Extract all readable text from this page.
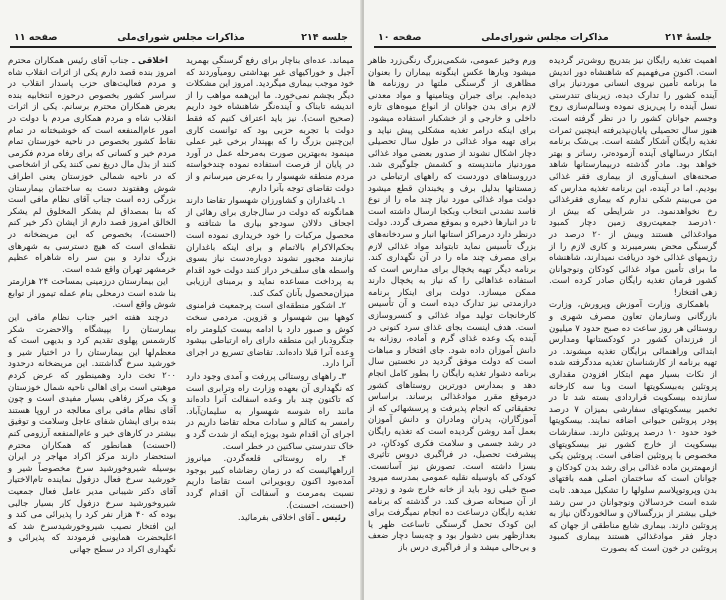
جلسه ۲۱۴
مذاکرات مجلس شورای‌ملی
صفحه ۱۱

میماند. عده‌ای بناچار برای رفع گرسنگی بهمرید آجیل و خوراکیهای غیر بهداشتی رومیآوردند که خود موجب بیماری میگردید. امروز این مشکلات دیگر بچشم نمی‌خورد. ما این‌همه مواهب را از اندیشه تابناک و آینده‌نگر شاهنشاه خود داریم (صحیح است). نیز باید اعتراف کنیم که فقط دولت با تجربه حزبی بود که توانست کاری این‌چنین بزرگ را که بهپندار برخی غیر عملی مینمود به‌بهترین صورت به‌مرحله عمل در آورد در پایان از فرصت استفاده نموده چندخواسته مردم منطقه شهسوار را به‌عرض میرسانم و از دولت تقاضای توجه بآنرا دارم.

۱ـ باغداران و کشاورزان شهسوار تقاضا دارند همانگونه که دولت در سال‌جاری برای رهائی از اجحاف دلالان سودجو بیاری ما شتافته و محصول مرکبات را خود خریداری نموده است بحکم‌الاکرام بالاتمام و برای اینکه باغداران نیازمند مجبور نشوند دوباره‌دست نیاز بسوی واسطه های سلف‌خر دراز کنند دولت خود اقدام به پرداخت مساعده نماید و برمبنای ارزیابی میزان‌محصول بآنان کمک کند.

۲ـ اشکور منطقه‌ای است پرجمعیت فرامنوی کوهها بین شهسوار و قزوین. مردمی سخت کوش و صبور دارد با ادامه بیست کیلومتر راه جنگرودبار این منطقه دارای راه ارتباطی بیشود وعده آنرا قبلا داده‌اند. تقاضای تسریع در اجرای آنرا دارد.

۳ـ راههای روستائی پررفت و آمدی وجود دارد که نگهداری آن بعهده وزارت راه وترابری است که تاکنون چند بار وعده اسفالت آنرا داده‌اند مانند راه شوسه شهسوار به سلیمان‌آباد. رامسر به کتالم و سادات محله تقاضا داریم در اجرای آن اقدام شود بویژه اینکه از شدت گرد و خاک تندرستی ساکنین در خطر است.

۴ـ راه روستائی قلعه‌گردن. میانروز ازراههائیست که در زمان رضاشاه کبیر بوجود آمده‌بود اکنون روبویرانی است تقاضا داریم نسبت به‌مرمت و آسفالت آن اقدام گردد (احسنت، احسنت).

رئیس ـ آقای اخلاقی بفرمائید.

اخلاقی ـ جناب آقای رئیس همکاران محترم امروز بنده قصد دارم یکی از اثرات انقلاب شاه و مردم فعالیت‌های حزب پاسدار انقلاب در سراسر کشور بخصوص درحوزه انتخابیه بنده بعرض همکاران محترم برسانم. یکی از اثرات انقلاب شاه و مردم همکاری مردم با دولت در امور عام‌المنفعه است که خوشبختانه در تمام نقاط کشور بخصوص در ناحیه خوزستان تمام مردم خیر و کسانی که برای رفاه مردم فکرمی کنند از بذل مال دریغ نمی کنند یکی از اشخاصی که در ناحیه شمالی خوزستان یعنی اطراف شوش وهفتوند دست به ساختمان بیمارستان بزرگی زده است جناب آقای نظام مافی است که بنا بمصداق لم یشکر المخلوق لم یشکر الخالق امروز قصد دارم از ایشان ذکر خیر کنم (احسنت)، بخصوص که این مریضخانه در نقطه‌ای است که هیچ دسترسی به شهرهای بزرگ ندارد و بین سر راه شاهراه عظیم خرمشهر تهران واقع شده است.

این بیمارستان درزمینی بمساحت ۲۴ هزارمتر بنا شده است درمحلی بنام عمله تیمور از توابع شوش واقع است.

درچند هفته اخیر جناب نظام مافی این بیمارستان را بپیشگاه والاحضرت شکر کارشمس پهلوی تقدیم کرد و بدیهی است که معظم‌لها این بیمارستان را در اختیار شیر و خورشید سرخ گذاشتند. این مریضخانه درحدود ۲۰۰ تخت دارد وهمینطور که عرض کردم موهبتی است برای اهالی ناحیه شمال خوزستان و یک مرکز رفاهی بسیار مفیدی است و چون آقای نظام مافی برای معالجه در اروپا هستند بنده برای ایشان شفای عاجل وسلامت و توفیق بیشتر در کارهای خیر و عام‌المنفعه آرزومی کنم (احسنت) همانطور که همکاران محترم استحضار دارند مرکز اکراد مهاجر در ایران بوسیله شیروخورشید سرخ مخصوصاً شیر و خورشید سرخ فعال دزفول نماینده تام‌الاختیار آقای دکتر شیبانی مدیر عامل فعال جمعیت شیروخورشید سرخ دزفول کار بسیار جالبی بوده که ۴۰ هزار نفر کرد را پذیرائی می کند و این افتخار نصیب شیروخورشیدسرخ شد که اعلیحضرت همایونی فرمودند که پذیرائی و نگهداری اکراد در سطح جهانی

جلسهٔ ۲۱۴
مذاکرات مجلس شورای‌ملی
صفحه ۱۰

اهمیت تغذیه رایگان نیز بتدریج روشن‌تر گردیده است. اکنون می‌فهمیم که شاهنشاه دور اندیش ما برنامه تأمین نیروی انسانی موردنیاز برای آینده کشور را تدارک دیده، زیربنای تندرستی نسل آینده را پی‌ریزی نموده وسالم‌سازی روح وجسم جوانان کشور را در نظر گرفته است. هنوز سال تحصیلی پایان‌نپذیرفته اینچنین ثمرات تغذیه رایگان آشکار گشته است. بی‌شک برنامه ابتکار درسالهای آینده آزموده‌تر، رساتر و بهتر خواهد بود. مادر گذشته دربیمارستانها شاهد صحنه‌های اسف‌آوری از بیماری فقر غذائی بودیم. اما در آینده، این برنامه تغذیه مدارس که من می‌بینم شکی ندارم که بیماری فقرغذائی رخ نخواهدنمود. در شرایطی که بیش از ۱۰درصد جمعیت‌روی زمین دچار کمبود موادغذائی هستند وبیش از ۲۰ درصد در گرسنگی محض بسرمیبرند و کاری لازم را از رژیمهای غذائی خود دریافت نمیدارند، شاهنشاه ما برای تأمین مواد غذائی کودکان ونوجوانان کشور فرمان تغذیه رایگان صادر کرده است. زهی افتخار!

باهمکاری وزارت آموزش وپرورش، وزارت بازرگانی وسازمان تعاون مصرف شهری و روستائی هر روز ساعت ده صبح حدود ۷ میلیون از فرزندان کشور در کودکستانها ومدارس ابتدائی وراهنمائی برایگان تغذیه میشوند. در تهیه برنامه از کارشناسان تغذیه مددگرفته شده از نکات بسیار مهم ابتکار افزودن مقداری پروتئین به‌بیسکویتها است وبا سه کارخانه سازنده بیسکویت قراردادی بسته شد تا در تخمیر بیسکویتهای سفارشی بمیزان ۷ درصد پودر پروتئین حیوانی اضافه نمایند. بیسکویتها خود حدود ۱۰ درصد پروتئین دارند. سفارشات بیسکویت از خارج کشور نیز بیسکویتهای مخصوص با پروتئین اضافی است. پروتئین یکی ازمهمترین ماده غذائی برای رشد بدن کودکان و جوانان است که ساختمان اصلی همه بافتهای بدن وپروتوپلاسم سلولها را تشکیل میدهد. ثابت شده است خردسالان ونوجوانان در سن رشد خیلی بیشتر از بزرگسالان و سالخوردگان نیاز به پروتئین دارند. بیماری شایع مناطقی از جهان که دچار فقر موادغذائی هستند بیماری کمبود پروتئین در خون است که بصورت

ورم وخیز عمومی، شکمی‌بزرگ رنگی‌زرد ظاهر میشود وبارها عکس اینگونه بیماران را بعنوان مظاهری از گرسنگی ملتها در روزنامه ها دیده‌ایم. برای جبران ویتامینها و مواد معدنی لازم برای بدن جوانان از انواع میوه‌های تازه داخلی و خارجی و از خشکبار استفاده میشود. برای اینکه درامر تغذیه مشکلی پیش نیاید و برای تهیه مواد غذائی در طول سال تحصیلی دچار اشکال نشوند از صدور بعضی مواد غذائی موردنیاز مانندپسته و کشمش جلوگیری شد. درروستاهای دوردست که راههای ارتباطی در زمستانها بدلیل برف و یخبندان قطع میشود دولت مواد غذائی مورد نیاز چند ماه را از نوع فاسد نشدنی انتخاب وبکجا ارسال داشته است تا در انبارها ذخیره و بموقع مصرف گردد. دولت درنظر دارد درمراکز استانها انبار و سردخانه‌های بزرگ تأسیس نماید تابتواند مواد غذائی لازم برای مصرف چند ماه را در آن نگهداری کند. برنامه دیگر تهیه یخچال برای مدارس است که استفاده غذاهائی را که نیاز به یخچال دارند ممکن میسازد. دولت برای اینکار برنامه درازمدتی نیز تدارک دیده است و آن تأسیس کارخانجات تولید مواد غذائی و کنسروسازی است. هدف اینست بجای غذای سرد کنونی در آینده یک وعده غذای گرم و آماده، روزانه به دانش آموزان داده شود. جای افتخار و مباهات است که دولت موفق گردید در نخستین سال برنامه دشوار تغذیه رایگان را بطور کامل انجام دهد و بمدارس دورترین روستاهای کشور درموقع مقرر موادغذائی برساند. براساس تحقیقاتی که انجام پذیرفت و پرسشهائی که از آموزگاران، پدران ومادران و دانش آموزان بعمل آمد روشن گردیده است که تغذیه رایگان در رشد جسمی و سلامت فکری کودکان، در پیشرفت تحصیل، در فراگیری دروس تأثیری بسزا داشته است. تصورش نیز آسانست. کودکی که باوسیله نقلیه عمومی بمدرسه میرود صبح خیلی زود باید از خانه خارج شود و زودتر از آن صبحانه صرف کند. در گذشته که برنامه تغذیه رایگان درساعت ده انجام نمیگرفت برای این کودک تحمل گرسنگی تاساعت ظهر یا بعدازظهر بس دشوار بود و چه‌بسا دچار ضعف و بی‌حالی میشد و از فراگیری درس باز
